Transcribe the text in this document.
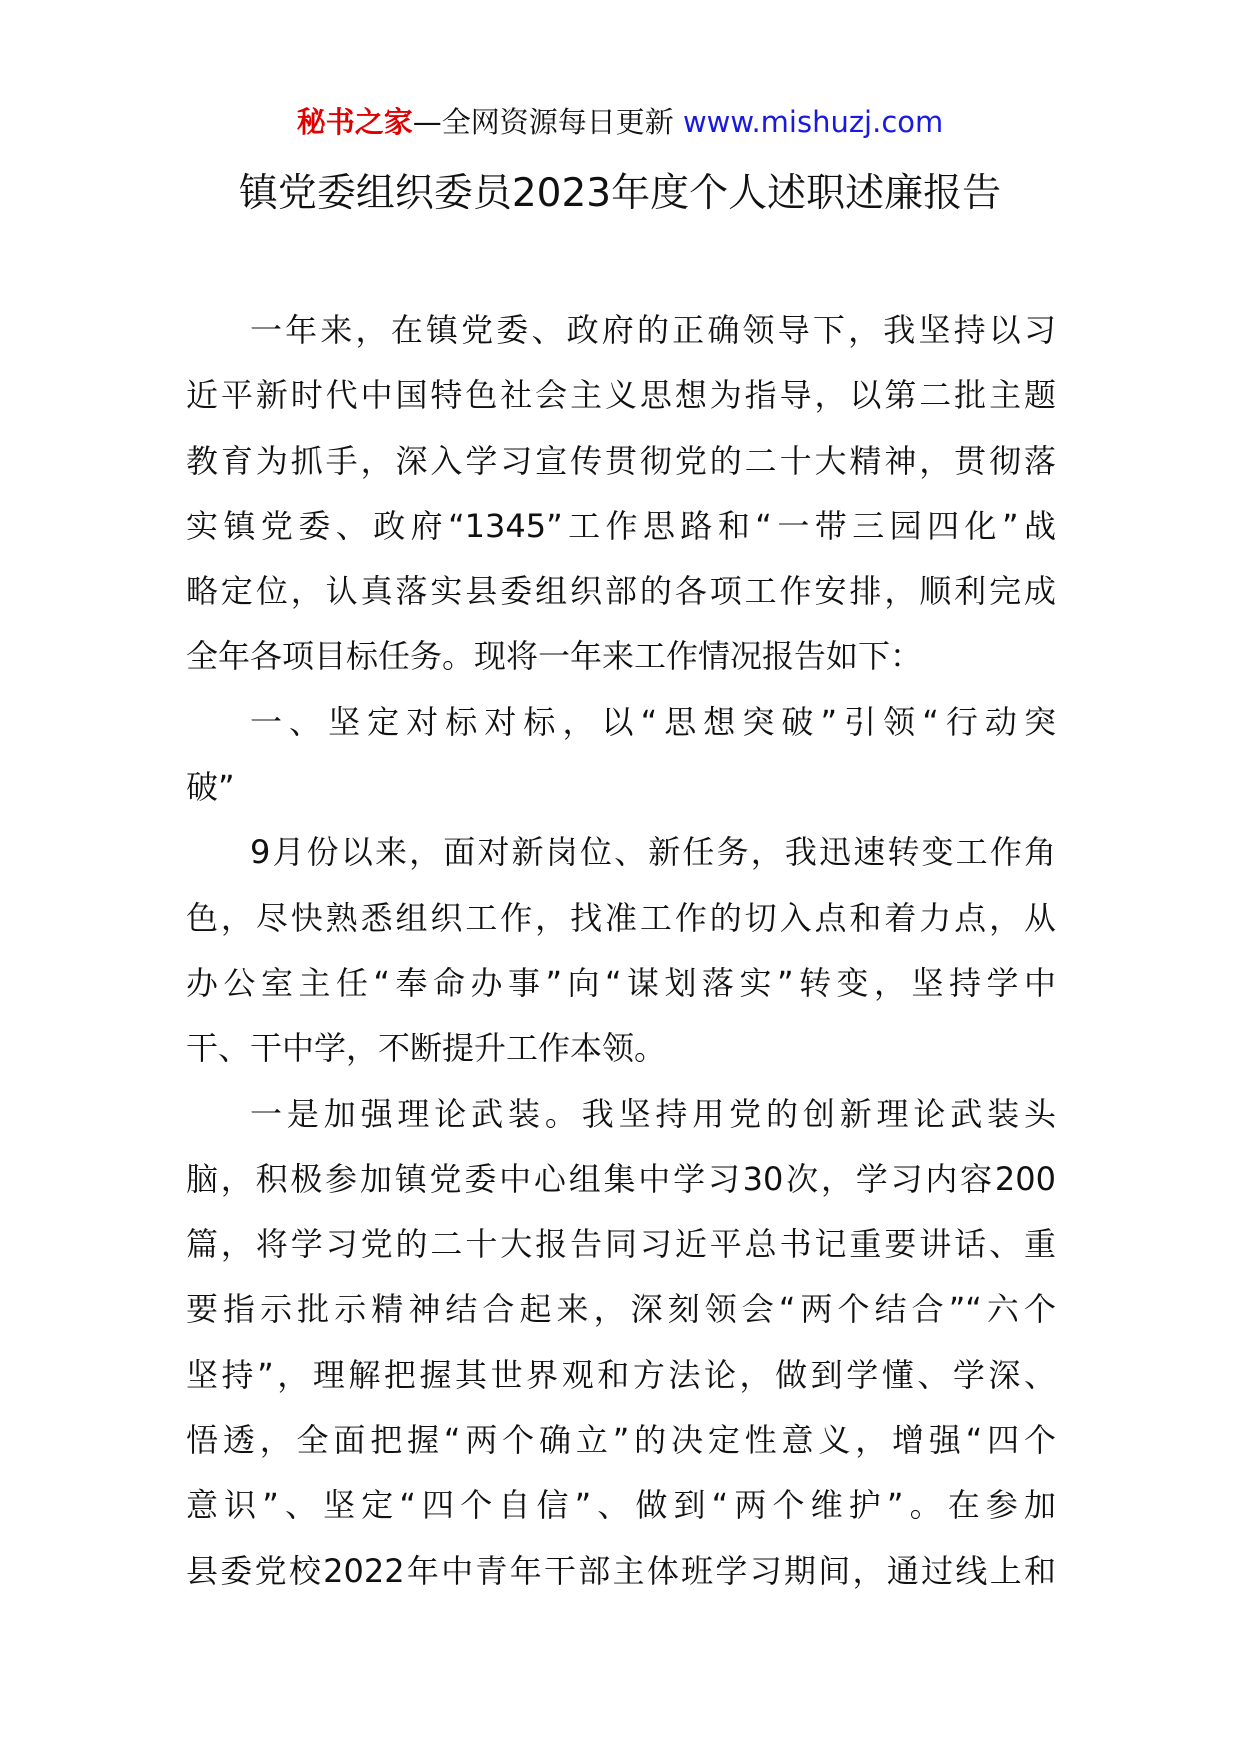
秘书之家—全网资源每日更新 www.mishuzj.com
镇党委组织委员2023年度个人述职述廉报告
一年来，在镇党委、政府的正确领导下，我坚持以习
近平新时代中国特色社会主义思想为指导，以第二批主题
教育为抓手，深入学习宣传贯彻党的二十大精神，贯彻落
实镇党委、政府“1345”工作思路和“一带三园四化”战
略定位，认真落实县委组织部的各项工作安排，顺利完成
全年各项目标任务。现将一年来工作情况报告如下：
一、坚定对标对标，以“思想突破”引领“行动突
破”
9月份以来，面对新岗位、新任务，我迅速转变工作角
色，尽快熟悉组织工作，找准工作的切入点和着力点，从
办公室主任“奉命办事”向“谋划落实”转变，坚持学中
干、干中学，不断提升工作本领。
一是加强理论武装。我坚持用党的创新理论武装头
脑，积极参加镇党委中心组集中学习30次，学习内容200
篇，将学习党的二十大报告同习近平总书记重要讲话、重
要指示批示精神结合起来，深刻领会“两个结合”“六个
坚持”，理解把握其世界观和方法论，做到学懂、学深、
悟透，全面把握“两个确立”的决定性意义，增强“四个
意识”、坚定“四个自信”、做到“两个维护”。在参加
县委党校2022年中青年干部主体班学习期间，通过线上和
